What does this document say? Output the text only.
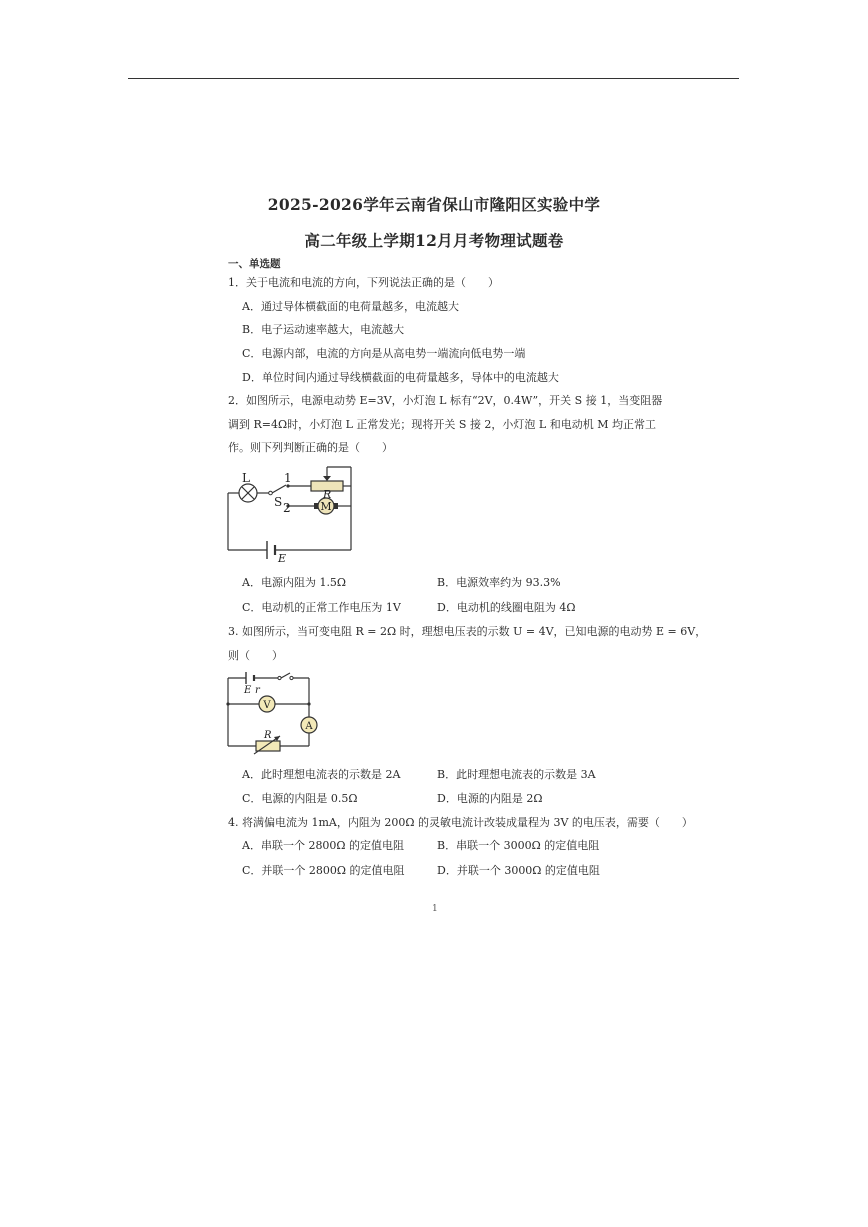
2025-2026学年云南省保山市隆阳区实验中学
高二年级上学期12月月考物理试题卷
一、单选题
1．关于电流和电流的方向，下列说法正确的是（　　）
A．通过导体横截面的电荷量越多，电流越大
B．电子运动速率越大，电流越大
C．电源内部，电流的方向是从高电势一端流向低电势一端
D．单位时间内通过导线横截面的电荷量越多，导体中的电流越大
2．如图所示，电源电动势 E=3V，小灯泡 L 标有“2V，0.4W”，开关 S 接 1，当变阻器
调到 R=4Ω时，小灯泡 L 正常发光；现将开关 S 接 2，小灯泡 L 和电动机 M 均正常工
作。则下列判断正确的是（　　）
M
L	1
S 2
R
E
A．电源内阻为 1.5Ω	B．电源效率约为 93.3%
C．电动机的正常工作电压为 1V	D．电动机的线圈电阻为 4Ω
3. 如图所示，当可变电阻 R = 2Ω 时，理想电压表的示数 U = 4V，已知电源的电动势 E = 6V，
则（　　）
V
A
E r
R
A．此时理想电流表的示数是 2A	B．此时理想电流表的示数是 3A
C．电源的内阻是 0.5Ω	D．电源的内阻是 2Ω
4. 将满偏电流为 1mA，内阻为 200Ω 的灵敏电流计改装成量程为 3V 的电压表，需要（　　）
A．串联一个 2800Ω 的定值电阻	B．串联一个 3000Ω 的定值电阻
C．并联一个 2800Ω 的定值电阻	D．并联一个 3000Ω 的定值电阻
1
